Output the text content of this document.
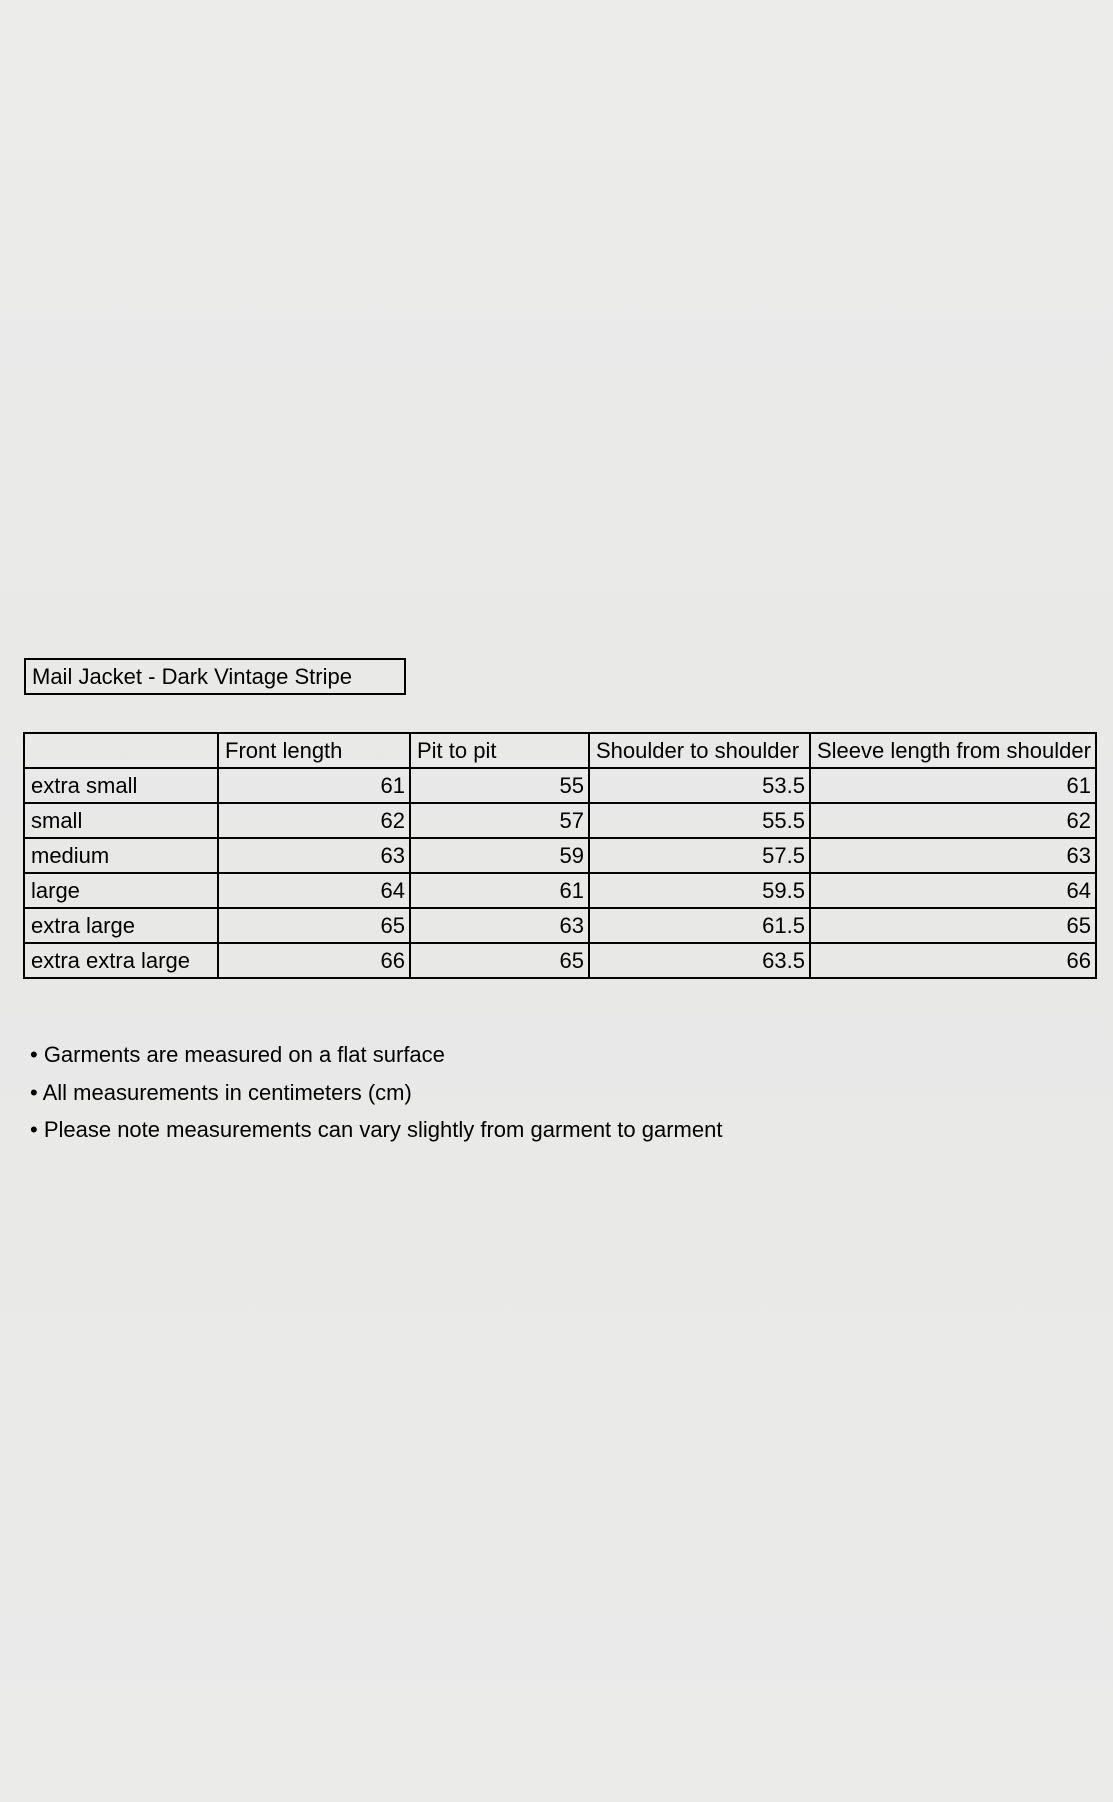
Mail Jacket - Dark Vintage Stripe
	Front length	Pit to pit	Shoulder to shoulder	Sleeve length from shoulder
extra small	61	55	53.5	61
small	62	57	55.5	62
medium	63	59	57.5	63
large	64	61	59.5	64
extra large	65	63	61.5	65
extra extra large	66	65	63.5	66
• Garments are measured on a flat surface
• All measurements in centimeters (cm)
• Please note measurements can vary slightly from garment to garment
